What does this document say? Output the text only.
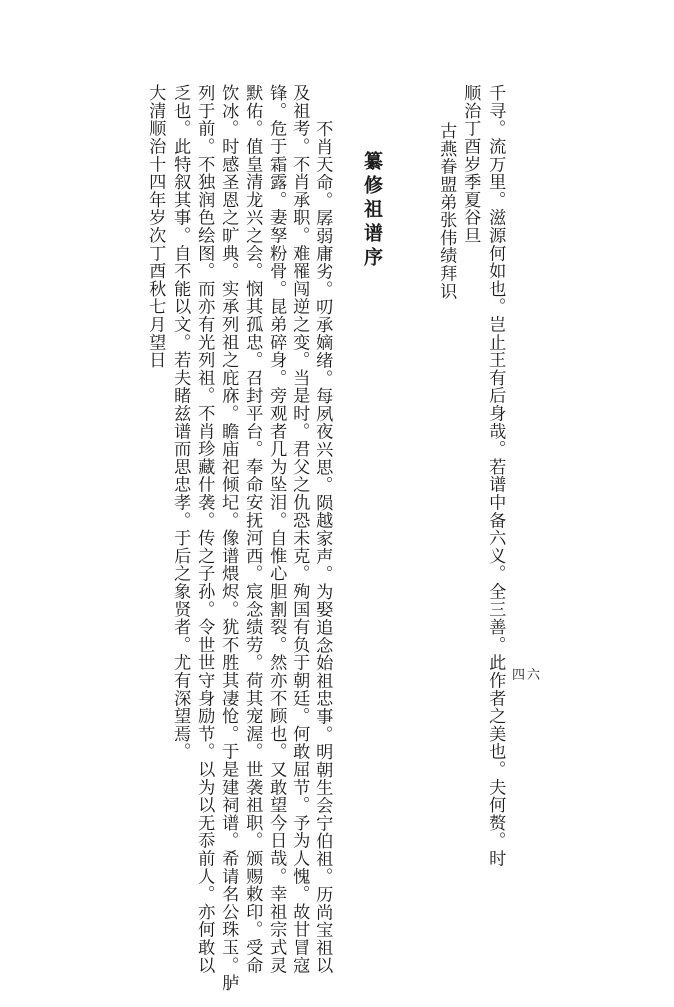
四六
千寻。流万里。滋源何如也。岂止王有后身哉。若谱中备六义。全三善。此作者之美也。夫何赘。时
顺治丁酉岁季夏谷旦
古燕眷盟弟张伟绩拜识
纂修祖谱序
不肖天命。孱弱庸劣。叨承嫡绪。每夙夜兴思。陨越家声。为娶追念始祖忠事。明朝生会宁伯祖。历尚宝祖以
及祖考。不肖承职。难罹闯逆之变。当是时。君父之仇恐未克。殉国有负于朝廷。何敢屈节。予为人愧。故甘冒寇
锋。危于霜露。妻孥粉骨。昆弟碎身。旁观者几为坠泪。自惟心胆割裂。然亦不顾也。又敢望今日哉。幸祖宗式灵
默佑。值皇清龙兴之会。悯其孤忠。召封平台。奉命安抚河西。宸念绩劳。荷其宠渥。世袭祖职。颁赐敕印。受命
饮冰。时感圣恩之旷典。实承列祖之庇庥。瞻庙祀倾圮。像谱煨烬。犹不胜其凄怆。于是建祠谱。希请名公珠玉。胪
列于前。不独润色绘图。而亦有光列祖。不肖珍藏什袭。传之子孙。令世世守身励节。以为以无忝前人。亦何敢以
乏也。此特叙其事。自不能以文。若夫睹兹谱而思忠孝。于后之象贤者。尤有深望焉。
大清顺治十四年岁次丁酉秋七月望日
